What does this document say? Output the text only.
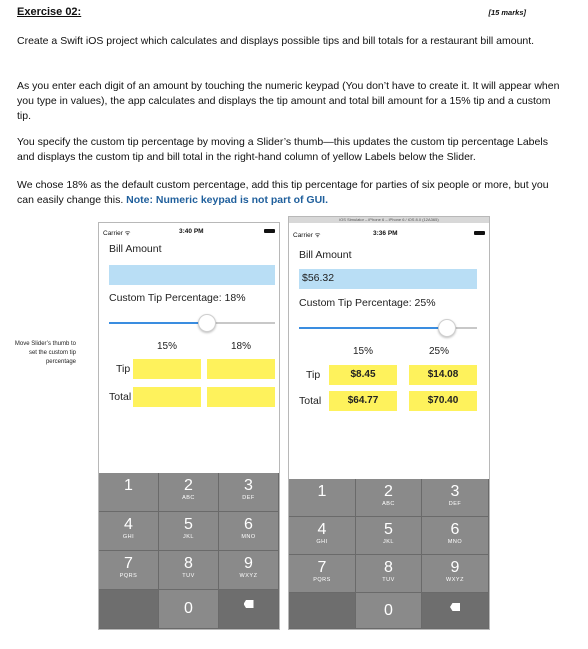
Exercise 02:	[15 marks]
Create a Swift iOS project which calculates and displays possible tips and bill totals for a restaurant bill amount.
As you enter each digit of an amount by touching the numeric keypad (You don’t have to create it. It will appear when you type in values), the app calculates and displays the tip amount and total bill amount for a 15% tip and a custom tip.
You specify the custom tip percentage by moving a Slider’s thumb—this updates the custom tip percentage Labels and displays the custom tip and bill total in the right-hand column of yellow Labels below the Slider.
We chose 18% as the default custom percentage, add this tip percentage for parties of six people or more, but you can easily change this. Note: Numeric keypad is not part of GUI.
Move Slider’s thumb to set the custom tip percentage
Carrier ᯤ	3:40 PM
Bill Amount
Custom Tip Percentage: 18%
15%	18%
Tip
Total
1	2
ABC
3
DEF
4
GHI
5
JKL
6
MNO
7
PQRS
8
TUV
9
WXYZ
0
iOS Simulator – iPhone 6 – iPhone 6 / iOS 8.0 (12A365)
Carrier ᯤ	3:36 PM
Bill Amount
$56.32
Custom Tip Percentage: 25%
15%	25%
Tip	$8.45	$14.08
Total	$64.77	$70.40
1	2
ABC
3
DEF
4
GHI
5
JKL
6
MNO
7
PQRS
8
TUV
9
WXYZ
0
